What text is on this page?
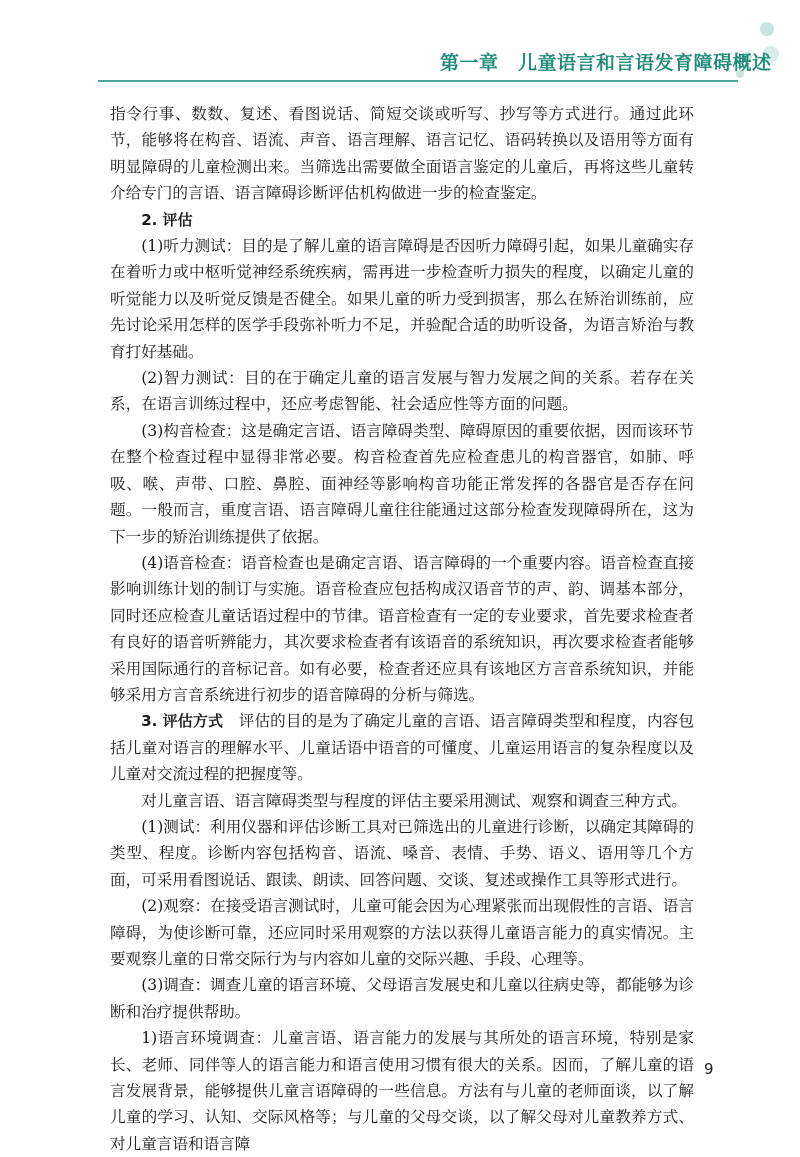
第一章　儿童语言和言语发育障碍概述

指令行事、数数、复述、看图说话、简短交谈或听写、抄写等方式进行。通过此环节，能够将在构音、语流、声音、语言理解、语言记忆、语码转换以及语用等方面有明显障碍的儿童检测出来。当筛选出需要做全面语言鉴定的儿童后，再将这些儿童转介给专门的言语、语言障碍诊断评估机构做进一步的检查鉴定。

2. 评估

(1)听力测试：目的是了解儿童的语言障碍是否因听力障碍引起，如果儿童确实存在着听力或中枢听觉神经系统疾病，需再进一步检查听力损失的程度，以确定儿童的听觉能力以及听觉反馈是否健全。如果儿童的听力受到损害，那么在矫治训练前，应先讨论采用怎样的医学手段弥补听力不足，并验配合适的助听设备，为语言矫治与教育打好基础。

(2)智力测试：目的在于确定儿童的语言发展与智力发展之间的关系。若存在关系，在语言训练过程中，还应考虑智能、社会适应性等方面的问题。

(3)构音检查：这是确定言语、语言障碍类型、障碍原因的重要依据，因而该环节在整个检查过程中显得非常必要。构音检查首先应检查患儿的构音器官，如肺、呼吸、喉、声带、口腔、鼻腔、面神经等影响构音功能正常发挥的各器官是否存在问题。一般而言，重度言语、语言障碍儿童往往能通过这部分检查发现障碍所在，这为下一步的矫治训练提供了依据。

(4)语音检查：语音检查也是确定言语、语言障碍的一个重要内容。语音检查直接影响训练计划的制订与实施。语音检查应包括构成汉语音节的声、韵、调基本部分，同时还应检查儿童话语过程中的节律。语音检查有一定的专业要求，首先要求检查者有良好的语音听辨能力，其次要求检查者有该语音的系统知识，再次要求检查者能够采用国际通行的音标记音。如有必要，检查者还应具有该地区方言音系统知识，并能够采用方言音系统进行初步的语音障碍的分析与筛选。

3. 评估方式　 评估的目的是为了确定儿童的言语、语言障碍类型和程度，内容包括儿童对语言的理解水平、儿童话语中语音的可懂度、儿童运用语言的复杂程度以及儿童对交流过程的把握度等。

对儿童言语、语言障碍类型与程度的评估主要采用测试、观察和调查三种方式。

(1)测试：利用仪器和评估诊断工具对已筛选出的儿童进行诊断，以确定其障碍的类型、程度。诊断内容包括构音、语流、嗓音、表情、手势、语义、语用等几个方面，可采用看图说话、跟读、朗读、回答问题、交谈、复述或操作工具等形式进行。

(2)观察：在接受语言测试时，儿童可能会因为心理紧张而出现假性的言语、语言障碍，为使诊断可靠，还应同时采用观察的方法以获得儿童语言能力的真实情况。主要观察儿童的日常交际行为与内容如儿童的交际兴趣、手段、心理等。

(3)调查：调查儿童的语言环境、父母语言发展史和儿童以往病史等，都能够为诊断和治疗提供帮助。

1)语言环境调查：儿童言语、语言能力的发展与其所处的语言环境，特别是家长、老师、同伴等人的语言能力和语言使用习惯有很大的关系。因而，了解儿童的语言发展背景，能够提供儿童言语障碍的一些信息。方法有与儿童的老师面谈，以了解儿童的学习、认知、交际风格等；与儿童的父母交谈，以了解父母对儿童教养方式、对儿童言语和语言障

9
